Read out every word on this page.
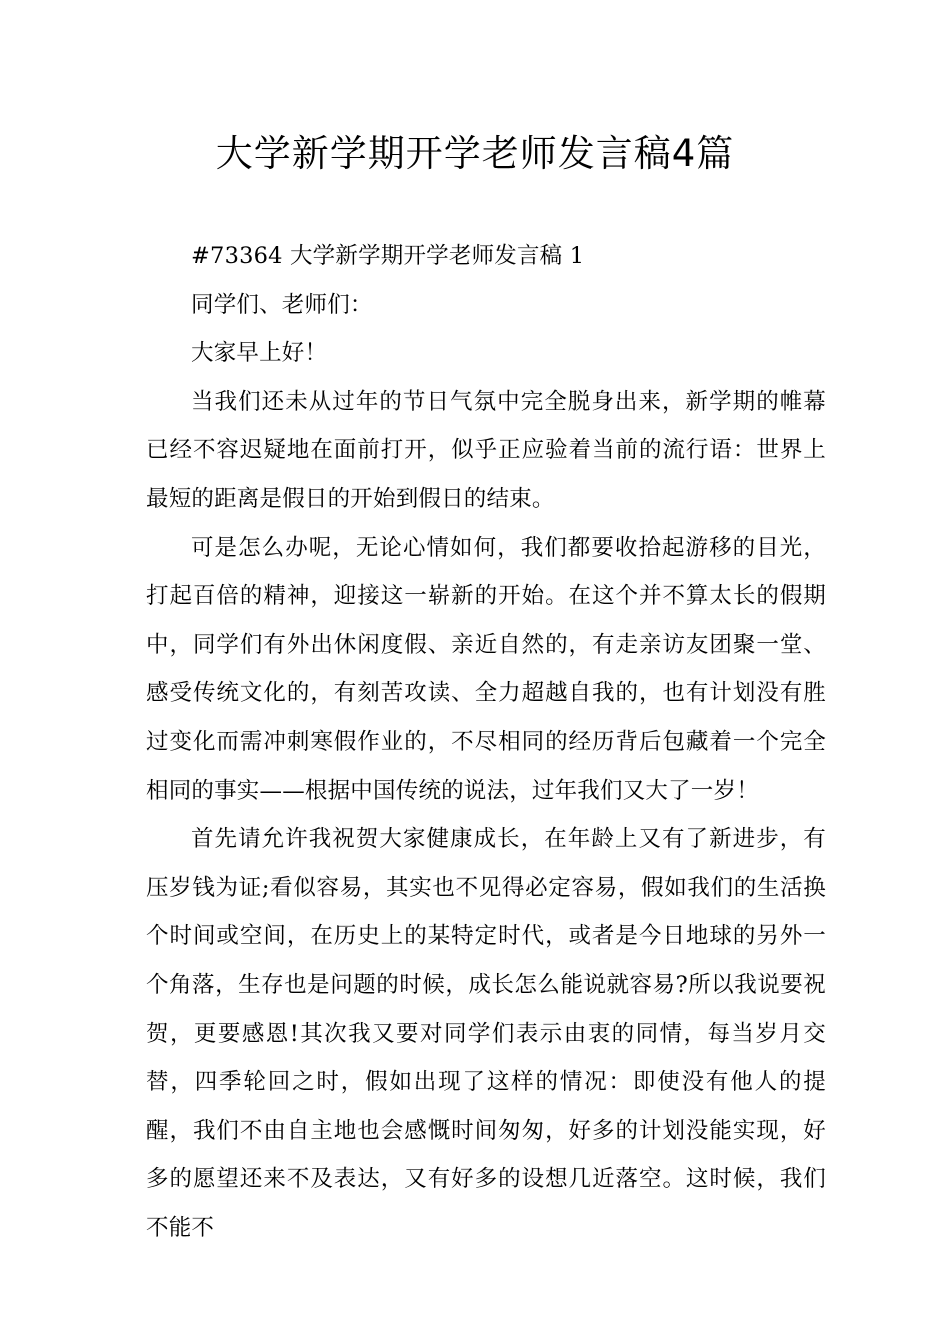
大学新学期开学老师发言稿4篇

#73364 大学新学期开学老师发言稿 1

同学们、老师们：

大家早上好！

当我们还未从过年的节日气氛中完全脱身出来，新学期的帷幕已经不容迟疑地在面前打开，似乎正应验着当前的流行语：世界上最短的距离是假日的开始到假日的结束。

可是怎么办呢，无论心情如何，我们都要收拾起游移的目光，打起百倍的精神，迎接这一崭新的开始。在这个并不算太长的假期中，同学们有外出休闲度假、亲近自然的，有走亲访友团聚一堂、感受传统文化的，有刻苦攻读、全力超越自我的，也有计划没有胜过变化而需冲刺寒假作业的，不尽相同的经历背后包藏着一个完全相同的事实——根据中国传统的说法，过年我们又大了一岁！

首先请允许我祝贺大家健康成长，在年龄上又有了新进步，有压岁钱为证;看似容易，其实也不见得必定容易，假如我们的生活换个时间或空间，在历史上的某特定时代，或者是今日地球的另外一个角落，生存也是问题的时候，成长怎么能说就容易?所以我说要祝贺，更要感恩!其次我又要对同学们表示由衷的同情，每当岁月交替，四季轮回之时，假如出现了这样的情况：即使没有他人的提醒，我们不由自主地也会感慨时间匆匆，好多的计划没能实现，好多的愿望还来不及表达，又有好多的设想几近落空。这时候，我们不能不
